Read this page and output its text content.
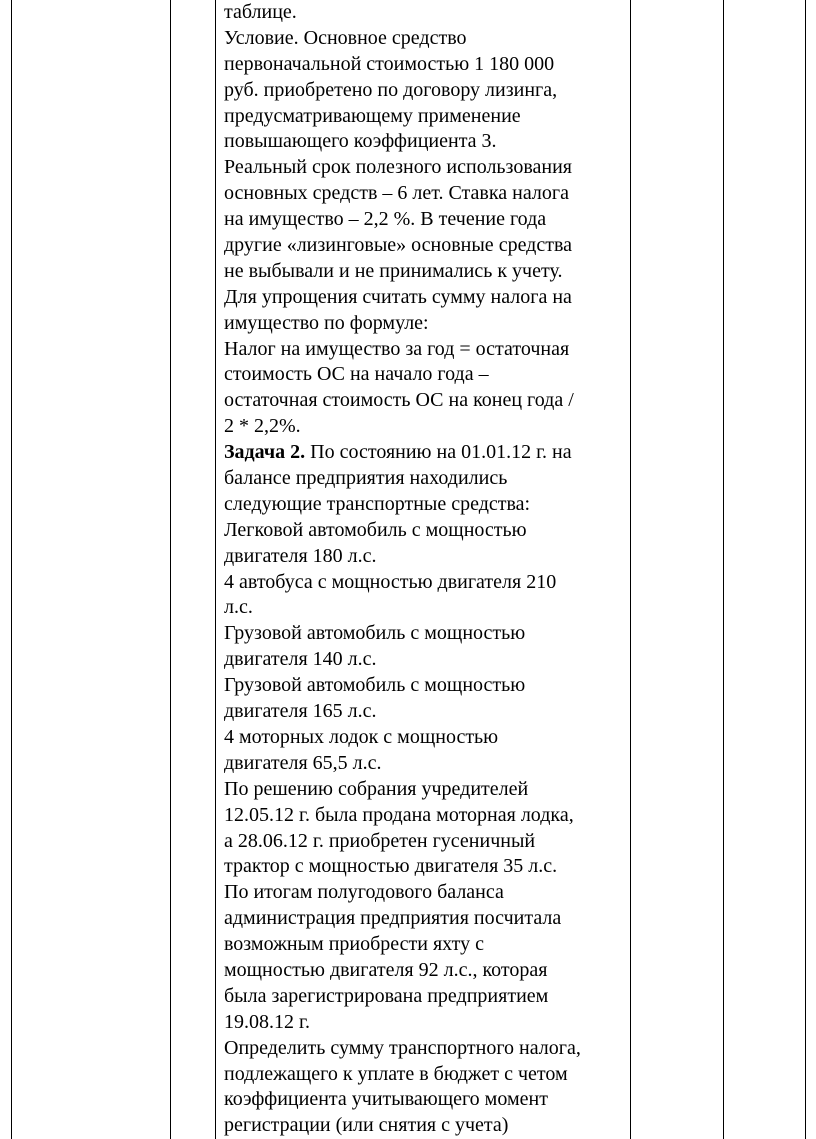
таблице.
Условие. Основное средство
первоначальной стоимостью 1 180 000
руб. приобретено по договору лизинга,
предусматривающему применение
повышающего коэффициента 3.
Реальный срок полезного использования
основных средств – 6 лет. Ставка налога
на имущество – 2,2 %. В течение года
другие «лизинговые» основные средства
не выбывали и не принимались к учету.
Для упрощения считать сумму налога на
имущество по формуле:
Налог на имущество за год = остаточная
стоимость ОС на начало года –
остаточная стоимость ОС на конец года /
2 * 2,2%.
Задача 2. По состоянию на 01.01.12 г. на
балансе предприятия находились
следующие транспортные средства:
Легковой автомобиль с мощностью
двигателя 180 л.с.
4 автобуса с мощностью двигателя 210
л.с.
Грузовой автомобиль с мощностью
двигателя 140 л.с.
Грузовой автомобиль с мощностью
двигателя 165 л.с.
4 моторных лодок с мощностью
двигателя 65,5 л.с.
По решению собрания учредителей
12.05.12 г. была продана моторная лодка,
а 28.06.12 г. приобретен гусеничный
трактор с мощностью двигателя 35 л.с.
По итогам полугодового баланса
администрация предприятия посчитала
возможным приобрести яхту с
мощностью двигателя 92 л.с., которая
была зарегистрирована предприятием
19.08.12 г.
Определить сумму транспортного налога,
подлежащего к уплате в бюджет с четом
коэффициента учитывающего момент
регистрации (или снятия с учета)
